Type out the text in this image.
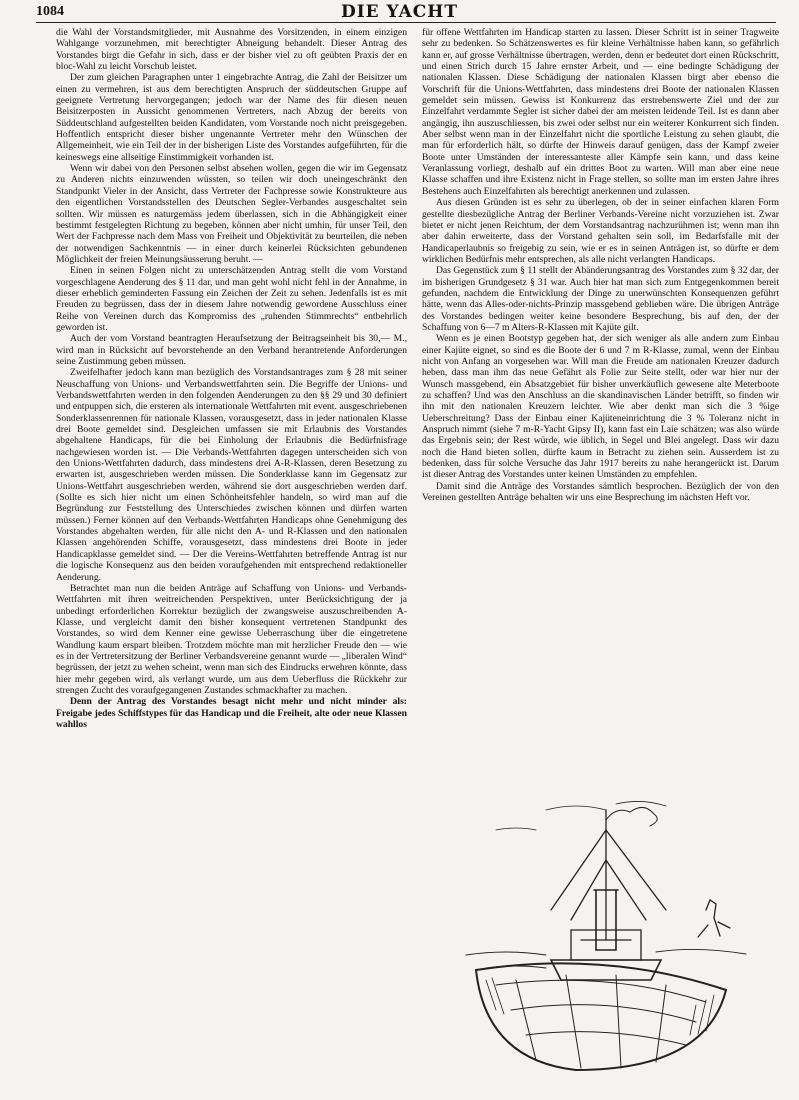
1084	DIE YACHT

die Wahl der Vorstandsmitglieder, mit Ausnahme des Vorsitzenden, in einem einzigen Wahlgange vorzunehmen, mit berechtigter Abneigung behandelt. Dieser Antrag des Vorstandes birgt die Gefahr in sich, dass er der bisher viel zu oft geübten Praxis der en bloc-Wahl zu leicht Vorschub leistet.

Der zum gleichen Paragraphen unter 1 eingebrachte Antrag, die Zahl der Beisitzer um einen zu vermehren, ist aus dem berechtigten Anspruch der süddeutschen Gruppe auf geeignete Vertretung hervorgegangen; jedoch war der Name des für diesen neuen Beisitzerposten in Aussicht genommenen Vertreters, nach Abzug der bereits von Süddeutschland aufgestellten beiden Kandidaten, vom Vorstande noch nicht preisgegeben. Hoffentlich entspricht dieser bisher ungenannte Vertreter mehr den Wünschen der Allgemeinheit, wie ein Teil der in der bisherigen Liste des Vorstandes aufgeführten, für die keineswegs eine allseitige Einstimmigkeit vorhanden ist.

Wenn wir dabei von den Personen selbst absehen wollen, gegen die wir im Gegensatz zu Anderen nichts einzuwenden wüssten, so teilen wir doch uneingeschränkt den Standpunkt Vieler in der Ansicht, dass Vertreter der Fachpresse sowie Konstrukteure aus den eigentlichen Vorstandsstellen des Deutschen Segler-Verbandes ausgeschaltet sein sollten. Wir müssen es naturgemäss jedem überlassen, sich in die Abhängigkeit einer bestimmt festgelegten Richtung zu begeben, können aber nicht umhin, für unser Teil, den Wert der Fachpresse nach dem Mass von Freiheit und Objektivität zu beurteilen, die neben der notwendigen Sachkenntnis — in einer durch keinerlei Rücksichten gebundenen Möglichkeit der freien Meinungsäusserung beruht. —

Einen in seinen Folgen nicht zu unterschätzenden Antrag stellt die vom Vorstand vorgeschlagene Aenderung des § 11 dar, und man geht wohl nicht fehl in der Annahme, in dieser erheblich geminderten Fassung ein Zeichen der Zeit zu sehen. Jedenfalls ist es mit Freuden zu begrüssen, dass der in diesem Jahre notwendig gewordene Ausschluss einer Reihe von Vereinen durch das Kompromiss des „ruhenden Stimmrechts“ entbehrlich geworden ist.

Auch der vom Vorstand beantragten Heraufsetzung der Beitragseinheit bis 30,— M., wird man in Rücksicht auf bevorstehende an den Verband herantretende Anforderungen seine Zustimmung geben müssen.

Zweifelhafter jedoch kann man bezüglich des Vorstandsantrages zum § 28 mit seiner Neuschaffung von Unions- und Verbandswettfahrten sein. Die Begriffe der Unions- und Verbandswettfahrten werden in den folgenden Aenderungen zu den §§ 29 und 30 definiert und entpuppen sich, die ersteren als internationale Wettfahrten mit event. ausgeschriebenen Sonderklassenrennen für nationale Klassen, vorausgesetzt, dass in jeder nationalen Klasse drei Boote gemeldet sind. Desgleichen umfassen sie mit Erlaubnis des Vorstandes abgehaltene Handicaps, für die bei Einholung der Erlaubnis die Bedürfnisfrage nachgewiesen worden ist. — Die Verbands-Wettfahrten dagegen unterscheiden sich von den Unions-Wettfahrten dadurch, dass mindestens drei A-R-Klassen, deren Besetzung zu erwarten ist, ausgeschrieben werden müssen. Die Sonderklasse kann im Gegensatz zur Unions-Wettfahrt ausgeschrieben werden, während sie dort ausgeschrieben werden darf. (Sollte es sich hier nicht um einen Schönheitsfehler handeln, so wird man auf die Begründung zur Feststellung des Unterschiedes zwischen können und dürfen warten müssen.) Ferner können auf den Verbands-Wettfahrten Handicaps ohne Genehmigung des Vorstandes abgehalten werden, für alle nicht den A- und R-Klassen und den nationalen Klassen angehörenden Schiffe, vorausgesetzt, dass mindestens drei Boote in jeder Handicapklasse gemeldet sind. — Der die Vereins-Wettfahrten betreffende Antrag ist nur die logische Konsequenz aus den beiden voraufgehenden mit entsprechend redaktioneller Aenderung.

Betrachtet man nun die beiden Anträge auf Schaffung von Unions- und Verbands-Wettfahrten mit ihren weitreichenden Perspektiven, unter Berücksichtigung der ja unbedingt erforderlichen Korrektur bezüglich der zwangsweise auszuschreibenden A-Klasse, und vergleicht damit den bisher konsequent vertretenen Standpunkt des Vorstandes, so wird dem Kenner eine gewisse Ueberraschung über die eingetretene Wandlung kaum erspart bleiben. Trotzdem möchte man mit herzlicher Freude den — wie es in der Vertretersitzung der Berliner Verbandsvereine genannt wurde — „liberalen Wind“ begrüssen, der jetzt zu wehen scheint, wenn man sich des Eindrucks erwehren könnte, dass hier mehr gegeben wird, als verlangt wurde, um aus dem Ueberfluss die Rückkehr zur strengen Zucht des voraufgegangenen Zustandes schmackhafter zu machen.

Denn der Antrag des Vorstandes besagt nicht mehr und nicht minder als: Freigabe jedes Schiffstypes für das Handicap und die Freiheit, alte oder neue Klassen wahllos

für offene Wettfahrten im Handicap starten zu lassen. Dieser Schritt ist in seiner Tragweite sehr zu bedenken. So Schätzenswertes es für kleine Verhältnisse haben kann, so gefährlich kann er, auf grosse Verhältnisse übertragen, werden, denn er bedeutet dort einen Rückschritt, und einen Strich durch 15 Jahre ernster Arbeit, und — eine bedingte Schädigung der nationalen Klassen. Diese Schädigung der nationalen Klassen birgt aber ebenso die Vorschrift für die Unions-Wettfahrten, dass mindestens drei Boote der nationalen Klassen gemeldet sein müssen. Gewiss ist Konkurrenz das erstrebenswerte Ziel und der zur Einzelfahrt verdammte Segler ist sicher dabei der am meisten leidende Teil. Ist es dann aber angängig, ihn auszuschliessen, bis zwei oder selbst nur ein weiterer Konkurrent sich finden. Aber selbst wenn man in der Einzelfahrt nicht die sportliche Leistung zu sehen glaubt, die man für erforderlich hält, so dürfte der Hinweis darauf genügen, dass der Kampf zweier Boote unter Umständen der interessanteste aller Kämpfe sein kann, und dass keine Veranlassung vorliegt, deshalb auf ein drittes Boot zu warten. Will man aber eine neue Klasse schaffen und ihre Existenz nicht in Frage stellen, so sollte man im ersten Jahre ihres Bestehens auch Einzelfahrten als berechtigt anerkennen und zulassen.

Aus diesen Gründen ist es sehr zu überlegen, ob der in seiner einfachen klaren Form gestellte diesbezügliche Antrag der Berliner Verbands-Vereine nicht vorzuziehen ist. Zwar bietet er nicht jenen Reichtum, der dem Vorstandsantrag nachzurühmen ist; wenn man ihn aber dahin erweiterte, dass der Vorstand gehalten sein soll, im Bedarfsfalle mit der Handicaperlaubnis so freigebig zu sein, wie er es in seinen Anträgen ist, so dürfte er dem wirklichen Bedürfnis mehr entsprechen, als alle nicht verlangten Handicaps.

Das Gegenstück zum § 11 stellt der Abänderungsantrag des Vorstandes zum § 32 dar, der im bisherigen Grundgesetz § 31 war. Auch hier hat man sich zum Entgegenkommen bereit gefunden, nachdem die Entwicklung der Dinge zu unerwünschten Konsequenzen geführt hätte, wenn das Alles-oder-nichts-Prinzip massgebend geblieben wäre. Die übrigen Anträge des Vorstandes bedingen weiter keine besondere Besprechung, bis auf den, der der Schaffung von 6—7 m Alters-R-Klassen mit Kajüte gilt.

Wenn es je einen Bootstyp gegeben hat, der sich weniger als alle andern zum Einbau einer Kajüte eignet, so sind es die Boote der 6 und 7 m R-Klasse, zumal, wenn der Einbau nicht von Anfang an vorgesehen war. Will man die Freude am nationalen Kreuzer dadurch heben, dass man ihm das neue Gefährt als Folie zur Seite stellt, oder war hier nur der Wunsch massgebend, ein Absatzgebiet für bisher unverkäuflich gewesene alte Meterboote zu schaffen? Und was den Anschluss an die skandinavischen Länder betrifft, so finden wir ihn mit den nationalen Kreuzern leichter. Wie aber denkt man sich die 3 %ige Ueberschreitung? Dass der Einbau einer Kajüteneinrichtung die 3 % Toleranz nicht in Anspruch nimmt (siehe 7 m-R-Yacht Gipsy II), kann fast ein Laie schätzen; was also würde das Ergebnis sein; der Rest würde, wie üblich, in Segel und Blei angelegt. Dass wir dazu noch die Hand bieten sollen, dürfte kaum in Betracht zu ziehen sein. Ausserdem ist zu bedenken, dass für solche Versuche das Jahr 1917 bereits zu nahe herangerückt ist. Darum ist dieser Antrag des Vorstandes unter keinen Umständen zu empfehlen.

Damit sind die Anträge des Vorstandes sämtlich besprochen. Bezüglich der von den Vereinen gestellten Anträge behalten wir uns eine Besprechung im nächsten Heft vor.
